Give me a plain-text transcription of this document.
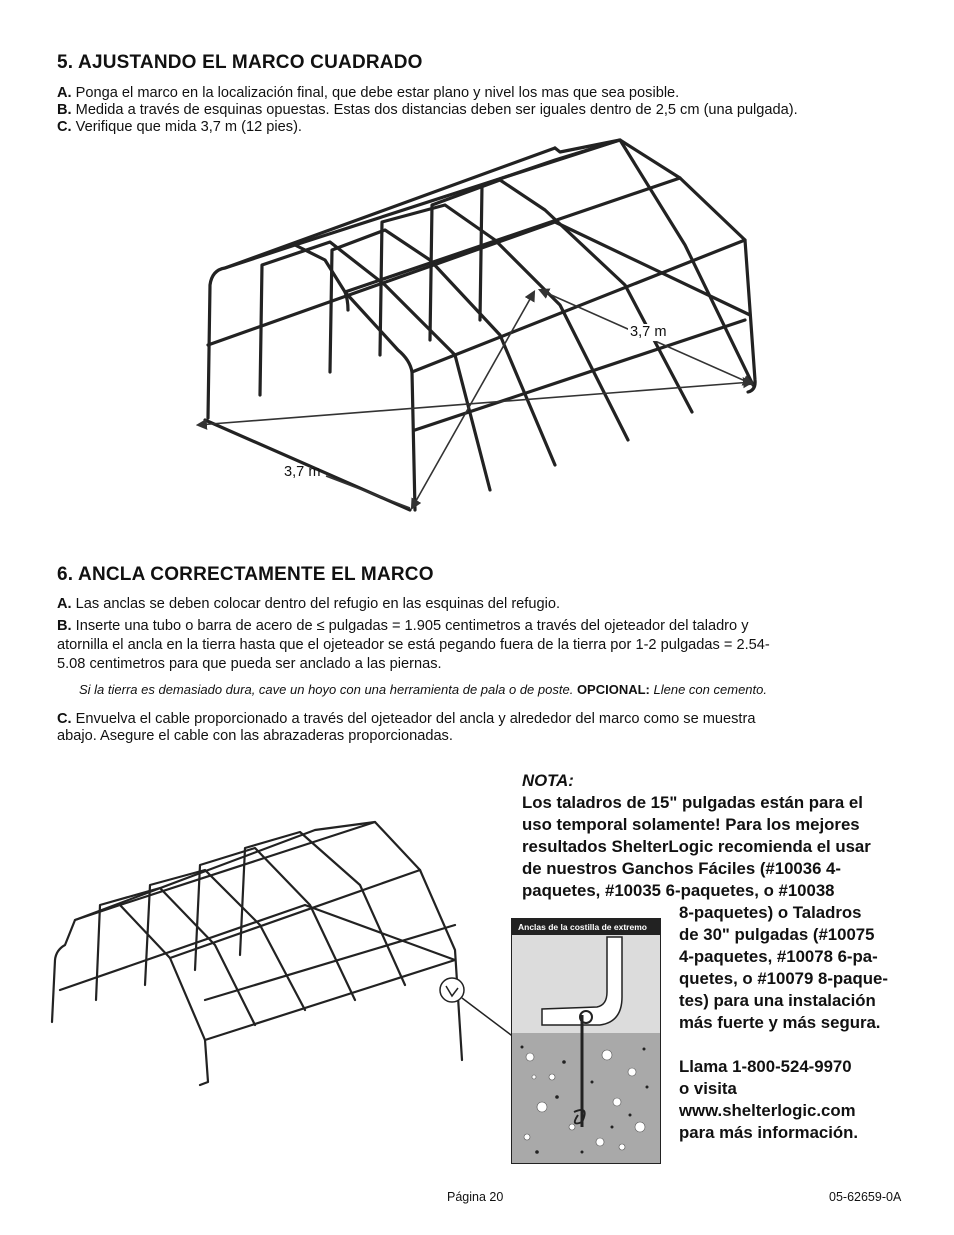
5. AJUSTANDO EL MARCO CUADRADO
A. Ponga el marco en la localización final, que debe estar plano y nivel los mas que sea posible.
B. Medida a través de esquinas opuestas. Estas dos distancias deben ser iguales dentro de 2,5 cm (una pulgada).
C. Verifique que mida 3,7 m (12 pies).
3,7 m
3,7 m
6. ANCLA CORRECTAMENTE EL MARCO
A. Las anclas se deben colocar dentro del refugio en las esquinas del refugio.
B. Inserte una tubo o barra de acero de ≤ pulgadas = 1.905 centimetros a través del ojeteador del taladro y
atornilla el ancla en la tierra hasta que el ojeteador se está pegando fuera de la tierra por 1-2 pulgadas = 2.54-
5.08 centimetros para que pueda ser anclado a las piernas.
Si la tierra es demasiado dura, cave un hoyo con una herramienta de pala o de poste. OPCIONAL: Llene con cemento.
C. Envuelva el cable proporcionado a través del ojeteador del ancla y alrededor del marco como se muestra
abajo. Asegure el cable con las abrazaderas proporcionadas.
Anclas de la costilla de extremo
NOTA:
Los taladros de 15" pulgadas están para el
uso temporal solamente! Para los mejores
resultados ShelterLogic recomienda el usar
de nuestros Ganchos Fáciles (#10036 4-
paquetes, #10035 6-paquetes, o #10038
8-paquetes) o Taladros
de 30" pulgadas (#10075
4-paquetes, #10078 6-pa-
quetes, o #10079 8-paque-
tes) para una instalación
más fuerte y más segura.
Llama 1-800-524-9970
o visita
www.shelterlogic.com
para más información.
Página 20	05-62659-0A
